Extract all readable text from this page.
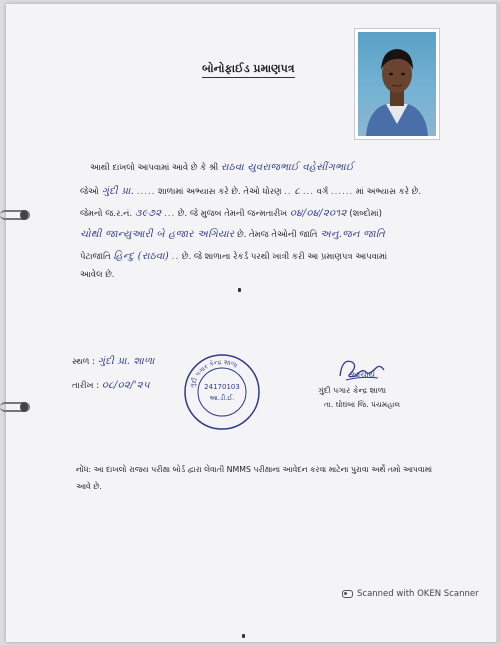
બોનોફાઈડ પ્રમાણપત્ર
આથી દાખલો આપવામાં આવે છે કે શ્રી રાઠવા યુવરાજભાઈ વહેસીંગભાઈ
જેઓ ગુંદી પ્રા. ..... શાળામાં અભ્યાસ કરે છે. તેઓ ધોરણ .. ૮ ... વર્ગ ...... માં અભ્યાસ કરે છે.
જેમનો જ.ર.નં. ૩૯૭૨ ... છે. જે મુજબ તેમની જન્મતારીખ ૦૪/૦૪/૨૦૧૨ (શબ્દોમાં)
ચોથી જાન્યુઆરી બે હજાર અગિયાર છે. તેમજ તેઓની જાતિ અનુ.જન જાતિ
પેટાજાતિ હિન્દુ (રાઠવા) .. છે. જે શાળાના રેકર્ડ પરથી ખાત્રી કરી આ પ્રમાણપત્ર આપવામાં
આવેલ છે.
સ્થળ : ગુંદી પ્રા. શાળા
તારીખ : ૦૮/૦૨/'૨૫	ગુંદી પગાર કેન્દ્ર શાળા
24170103
આ.ડી.ઈ.
આચાર્ય
ગુંદી પગાર કેન્દ્ર શાળા
તા. ઘોઘંબા જિ. પંચમહાલ
નોંધ: આ દાખલો રાજય પરીક્ષા બોર્ડ દ્વારા લેવાતી NMMS પરીક્ષાના આવેદન કરવા માટેના પુરાવા અર્થે તમો આપવામાં આવે છે.
Scanned with OKEN Scanner
